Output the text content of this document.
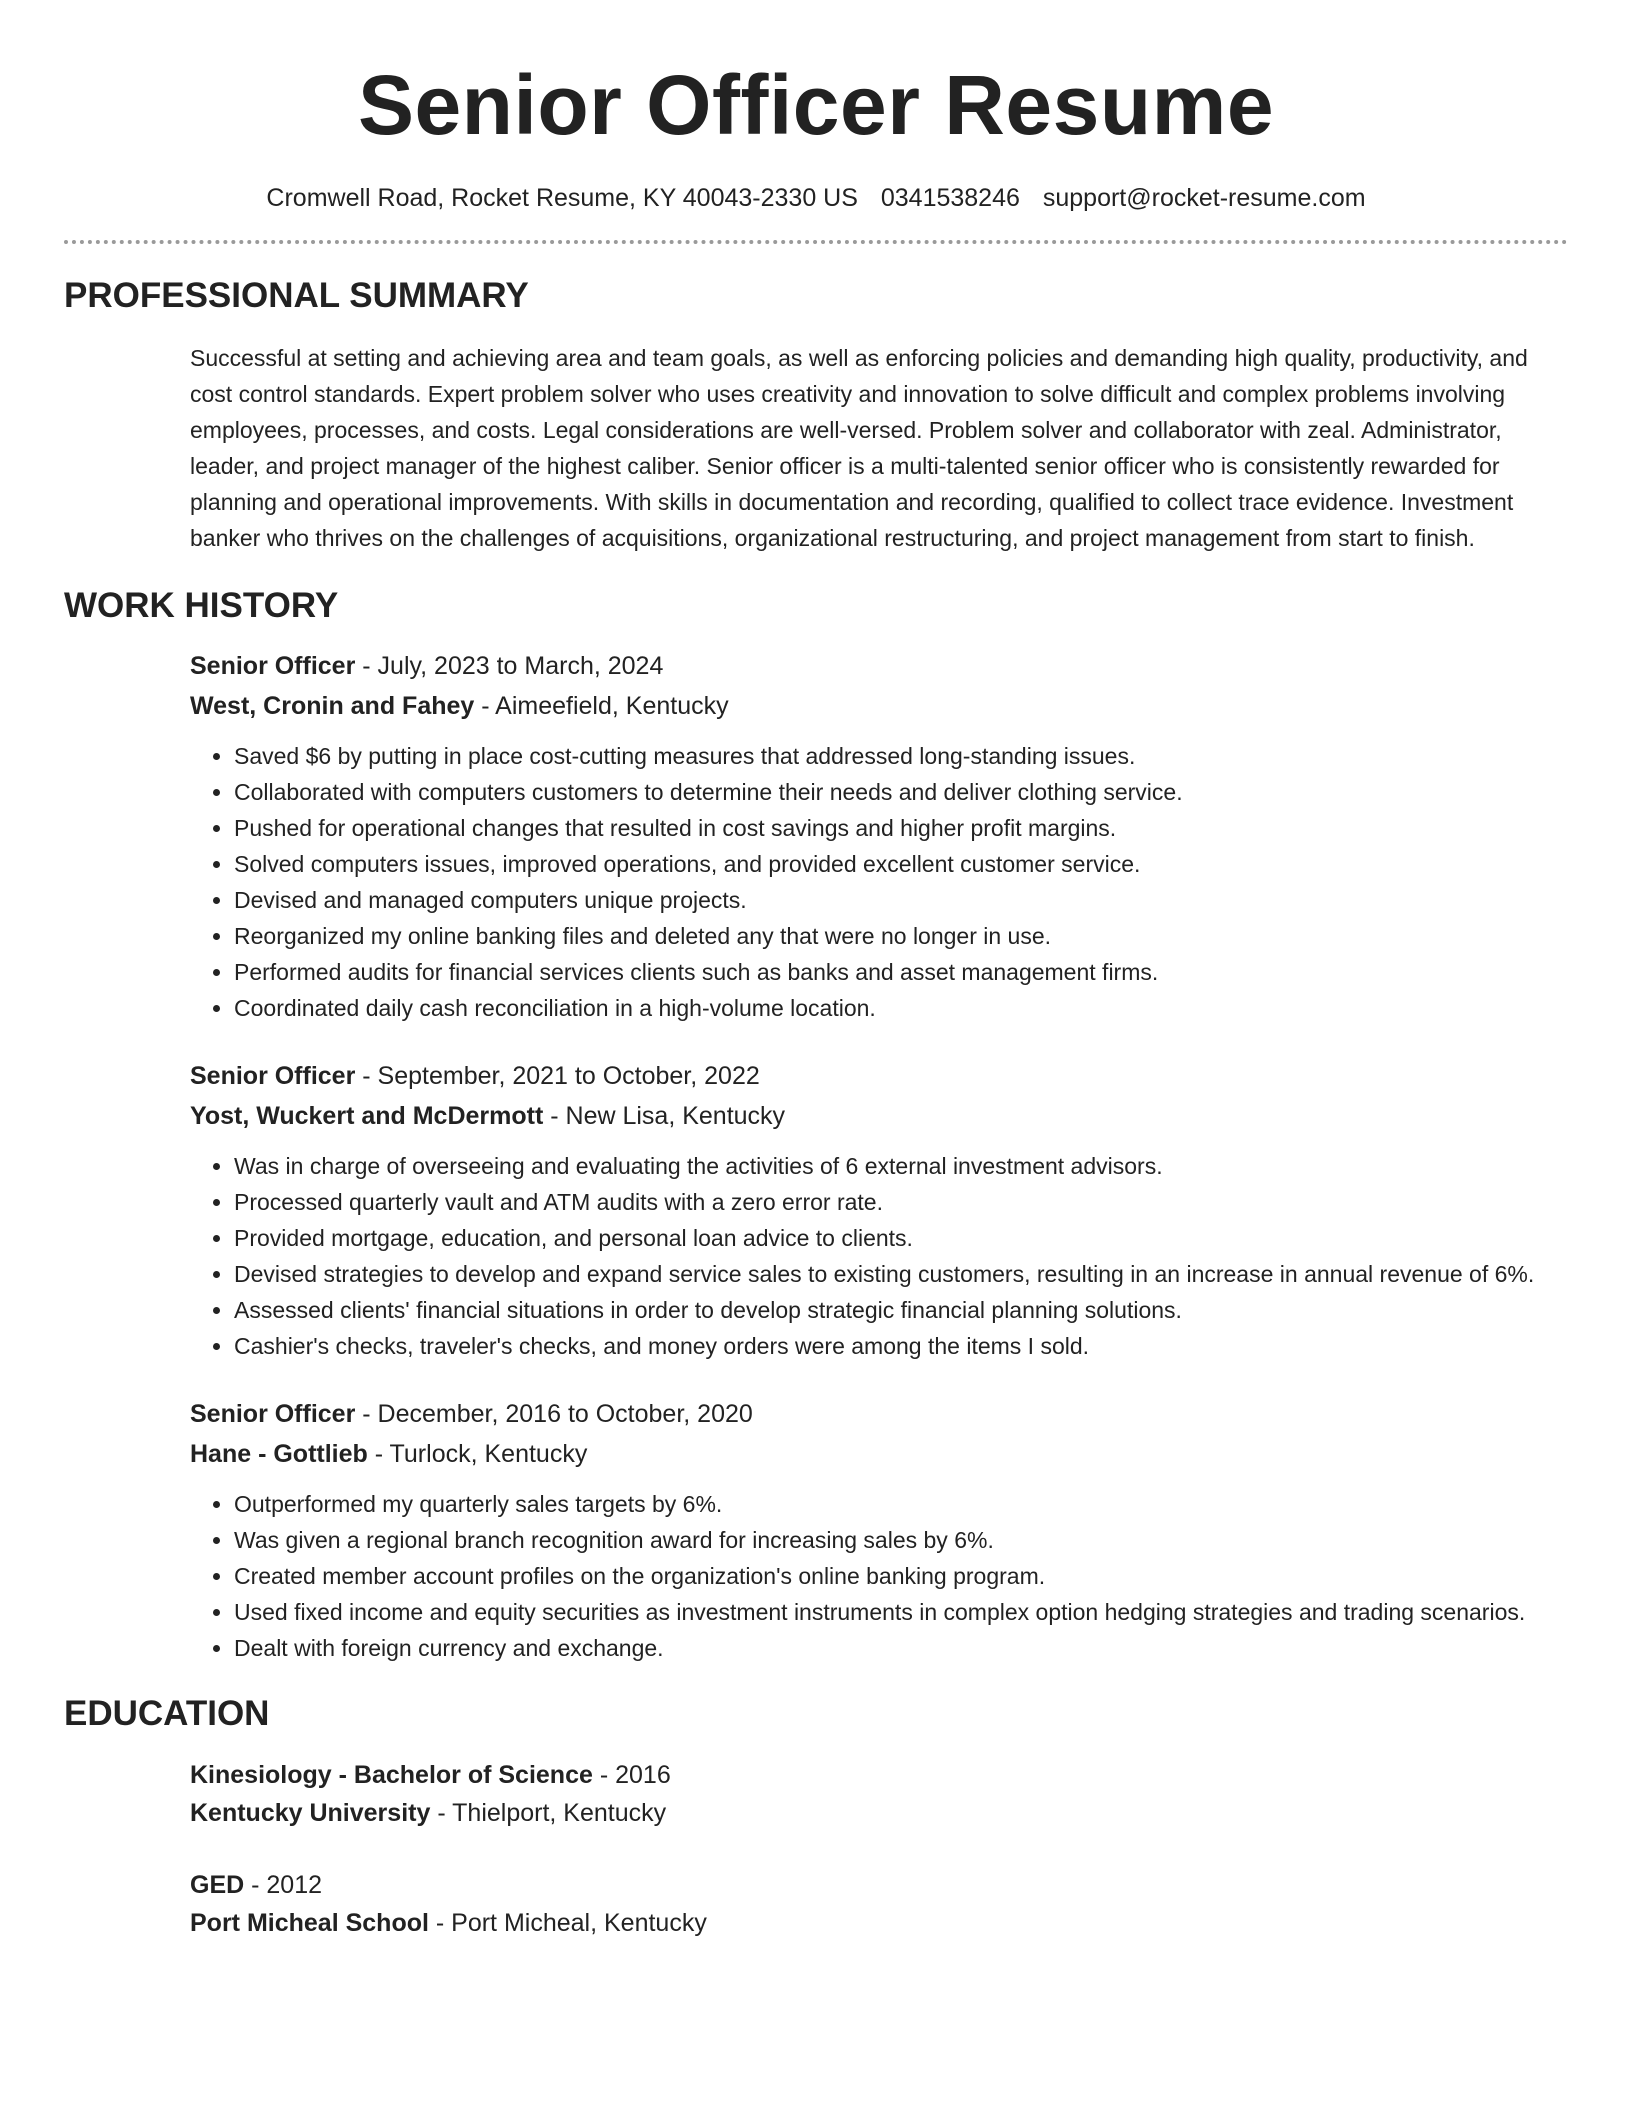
Senior Officer Resume
Cromwell Road, Rocket Resume, KY 40043-2330 US 0341538246 support@rocket-resume.com
PROFESSIONAL SUMMARY

Successful at setting and achieving area and team goals, as well as enforcing policies and demanding high quality, productivity, and cost control standards. Expert problem solver who uses creativity and innovation to solve difficult and complex problems involving employees, processes, and costs. Legal considerations are well-versed. Problem solver and collaborator with zeal. Administrator, leader, and project manager of the highest caliber. Senior officer is a multi-talented senior officer who is consistently rewarded for planning and operational improvements. With skills in documentation and recording, qualified to collect trace evidence. Investment banker who thrives on the challenges of acquisitions, organizational restructuring, and project management from start to finish.

WORK HISTORY
Senior Officer - July, 2023 to March, 2024
West, Cronin and Fahey - Aimeefield, Kentucky
• Saved $6 by putting in place cost-cutting measures that addressed long-standing issues.
• Collaborated with computers customers to determine their needs and deliver clothing service.
• Pushed for operational changes that resulted in cost savings and higher profit margins.
• Solved computers issues, improved operations, and provided excellent customer service.
• Devised and managed computers unique projects.
• Reorganized my online banking files and deleted any that were no longer in use.
• Performed audits for financial services clients such as banks and asset management firms.
• Coordinated daily cash reconciliation in a high-volume location.
Senior Officer - September, 2021 to October, 2022
Yost, Wuckert and McDermott - New Lisa, Kentucky
• Was in charge of overseeing and evaluating the activities of 6 external investment advisors.
• Processed quarterly vault and ATM audits with a zero error rate.
• Provided mortgage, education, and personal loan advice to clients.
• Devised strategies to develop and expand service sales to existing customers, resulting in an increase in annual revenue of 6%.
• Assessed clients' financial situations in order to develop strategic financial planning solutions.
• Cashier's checks, traveler's checks, and money orders were among the items I sold.
Senior Officer - December, 2016 to October, 2020
Hane - Gottlieb - Turlock, Kentucky
• Outperformed my quarterly sales targets by 6%.
• Was given a regional branch recognition award for increasing sales by 6%.
• Created member account profiles on the organization's online banking program.
• Used fixed income and equity securities as investment instruments in complex option hedging strategies and trading scenarios.
• Dealt with foreign currency and exchange.
EDUCATION
Kinesiology - Bachelor of Science - 2016
Kentucky University - Thielport, Kentucky
GED - 2012
Port Micheal School - Port Micheal, Kentucky
